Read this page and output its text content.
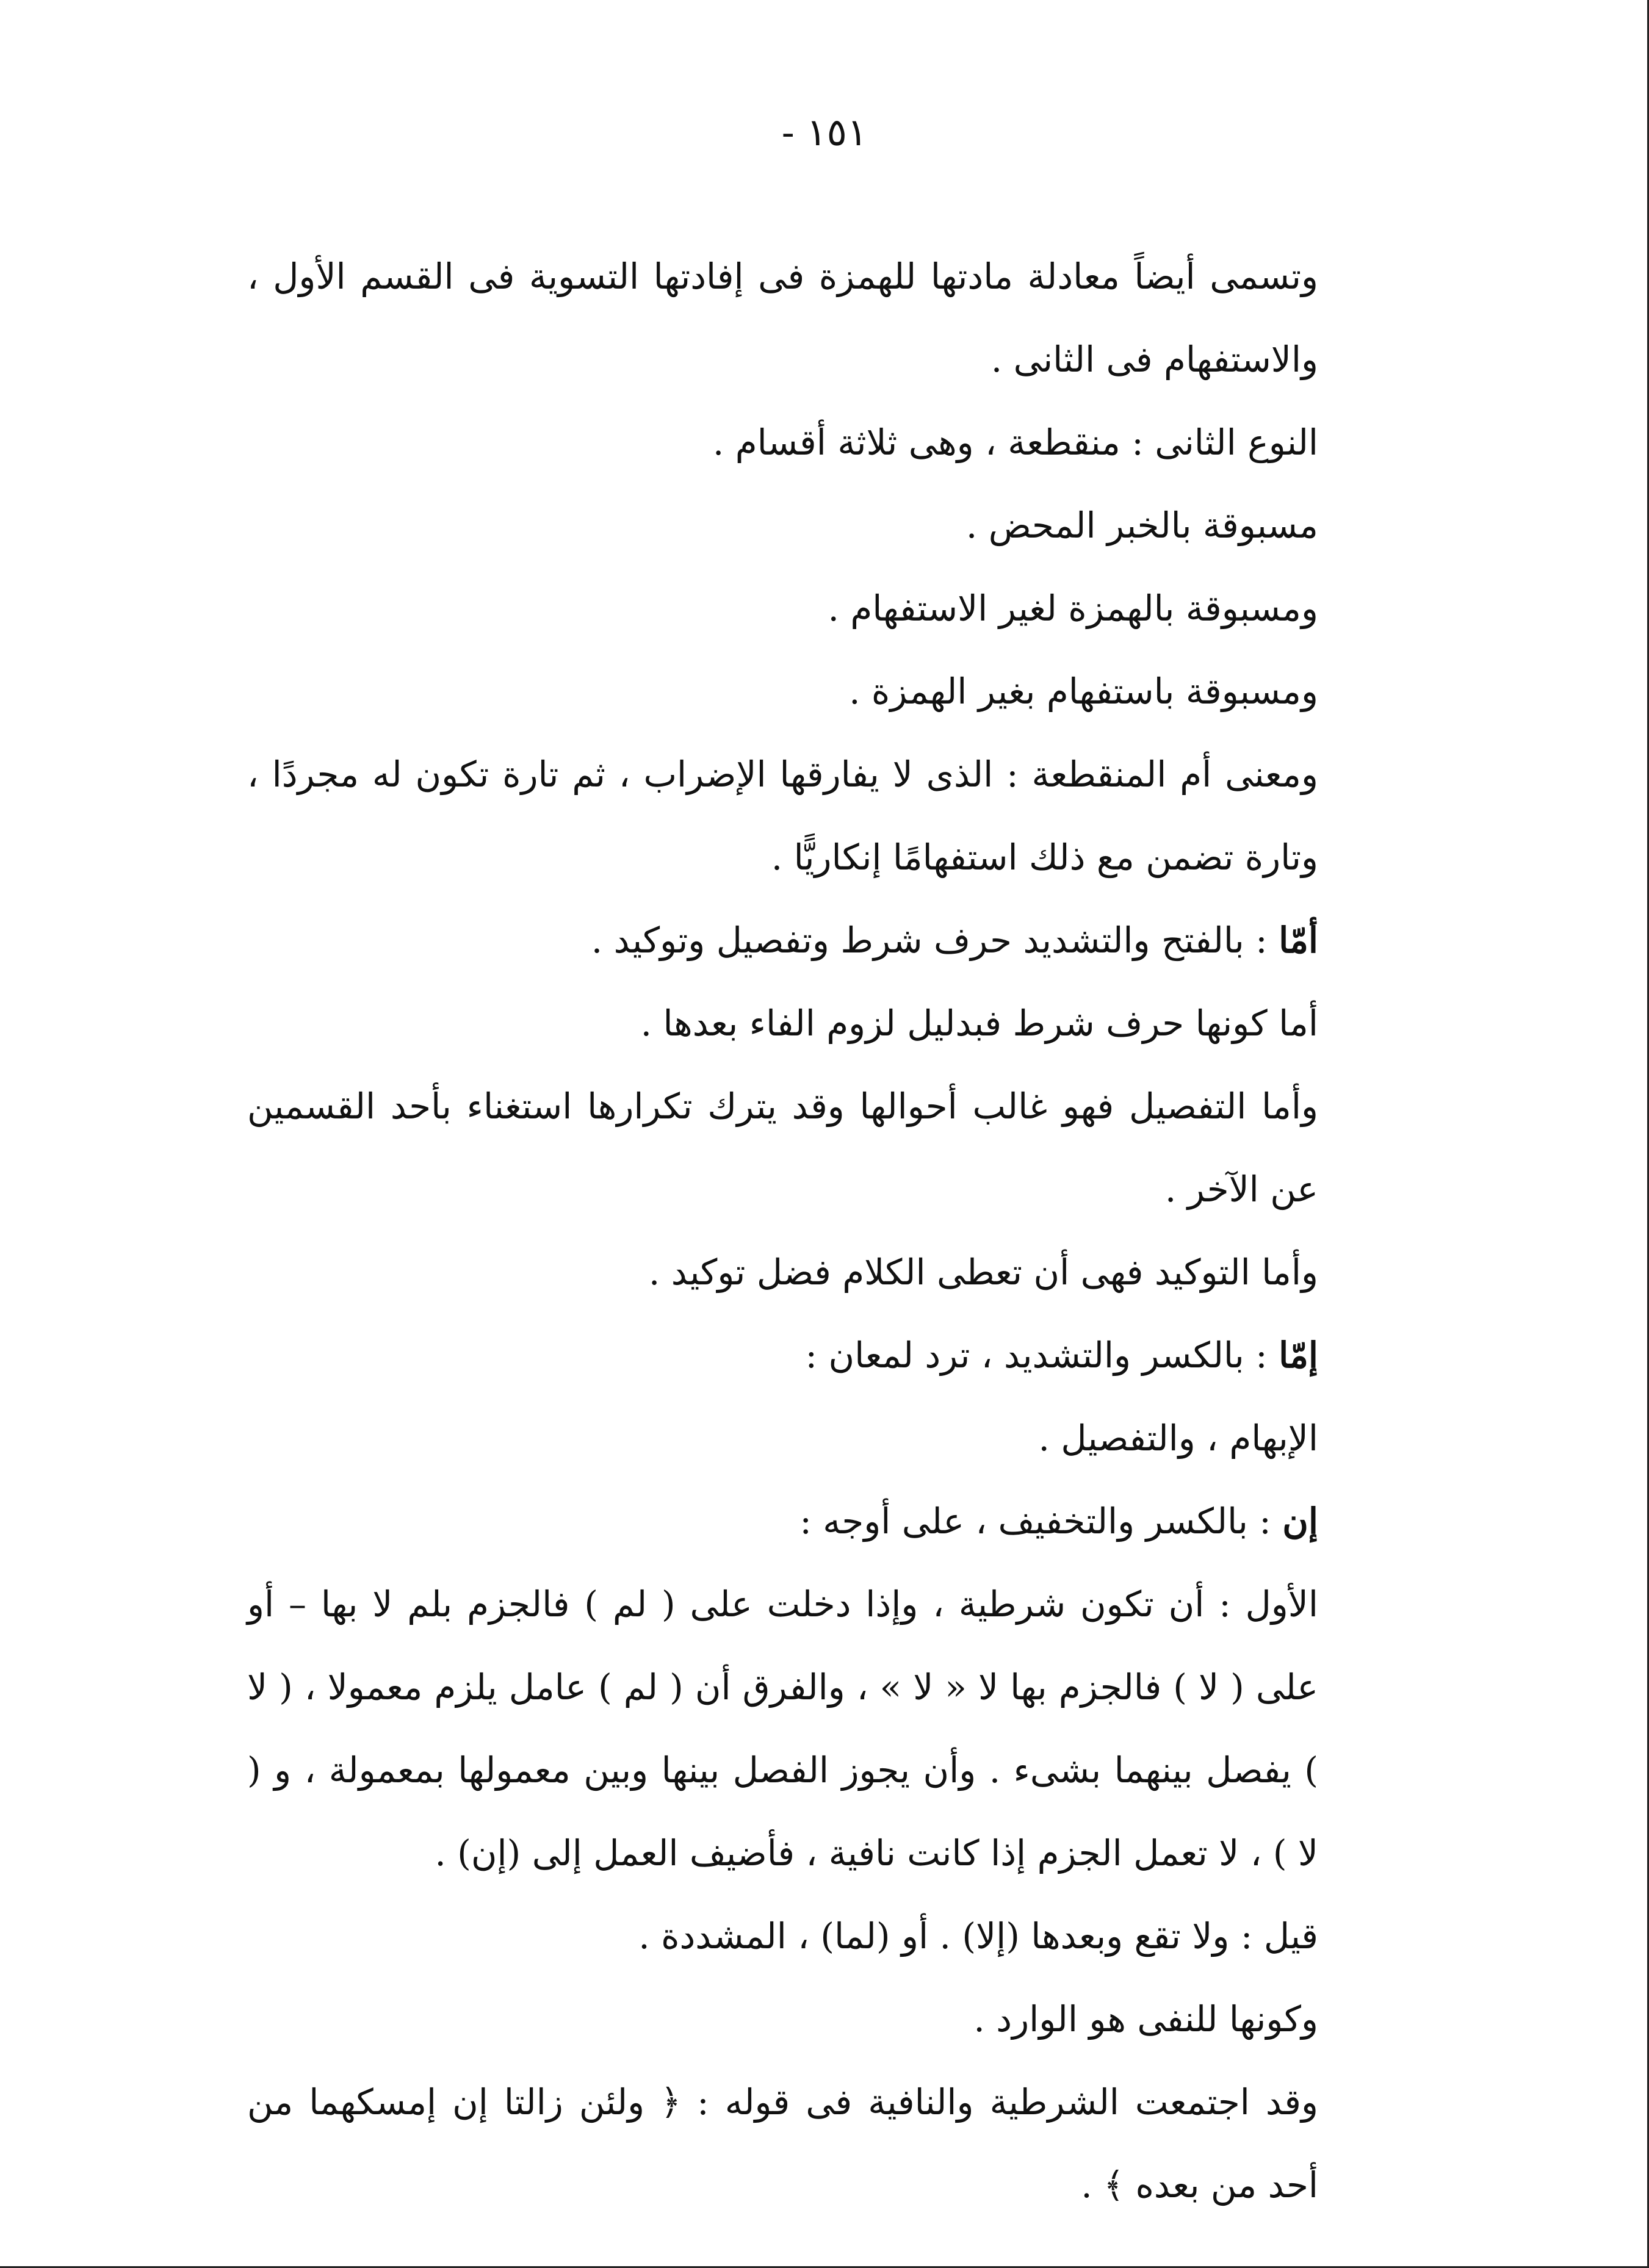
١٥١ -

وتسمى أيضاً معادلة مادتها للهمزة فى إفادتها التسوية فى القسم الأول ، والاستفهام فى الثانى .

النوع الثانى : منقطعة ، وهى ثلاثة أقسام .

مسبوقة بالخبر المحض .

ومسبوقة بالهمزة لغير الاستفهام .

ومسبوقة باستفهام بغير الهمزة .

ومعنى أم المنقطعة : الذى لا يفارقها الإضراب ، ثم تارة تكون له مجردًا ، وتارة تضمن مع ذلك استفهامًا إنكاريًّا .

أمّا : بالفتح والتشديد حرف شرط وتفصيل وتوكيد .

أما كونها حرف شرط فبدليل لزوم الفاء بعدها .

وأما التفصيل فهو غالب أحوالها وقد يترك تكرارها استغناء بأحد القسمين عن الآخر .

وأما التوكيد فهى أن تعطى الكلام فضل توكيد .

إمّا : بالكسر والتشديد ، ترد لمعان :

الإبهام ، والتفصيل .

إن : بالكسر والتخفيف ، على أوجه :

الأول : أن تكون شرطية ، وإذا دخلت على ( لم ) فالجزم بلم لا بها – أو على ( لا ) فالجزم بها لا « لا » ، والفرق أن ( لم ) عامل يلزم معمولا ، ( لا ) يفصل بينهما بشىء . وأن يجوز الفصل بينها وبين معمولها بمعمولة ، و ( لا ) ، لا تعمل الجزم إذا كانت نافية ، فأضيف العمل إلى (إن) .

قيل : ولا تقع وبعدها (إلا) . أو (لما) ، المشددة .

وكونها للنفى هو الوارد .

وقد اجتمعت الشرطية والنافية فى قوله : ﴿ ولئن زالتا إن إمسكهما من أحد من بعده ﴾ .
